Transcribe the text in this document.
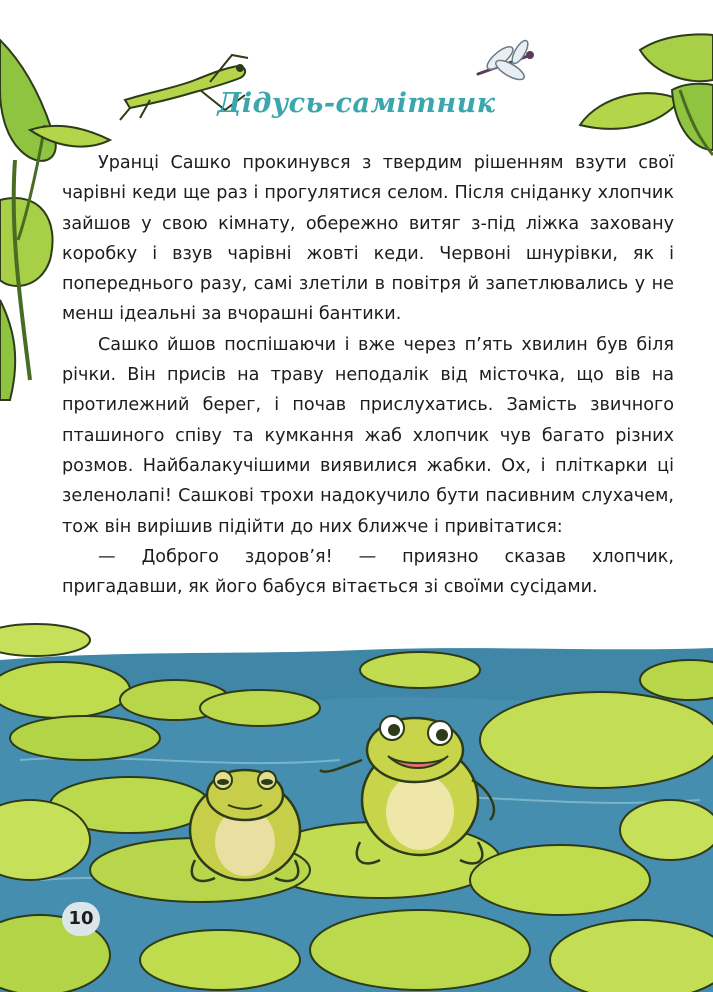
Дідусь-самітник

Уранці Сашко прокинувся з твердим рішенням взути свої чарівні кеди ще раз і прогулятися селом. Після сніданку хлопчик зайшов у свою кімнату, обережно витяг з-під ліжка заховану коробку і взув чарівні жовті кеди. Червоні шнурівки, як і попереднього разу, самі злетіли в повітря й запетлювались у не менш ідеальні за вчорашні бантики.

Сашко йшов поспішаючи і вже через п’ять хвилин був біля річки. Він присів на траву неподалік від місточка, що вів на протилежний берег, і почав прислухатись. Замість звичного пташиного співу та кумкання жаб хлопчик чув багато різних розмов. Найбалакучішими виявилися жабки. Ох, і пліткарки ці зеленолапі! Сашкові трохи надокучило бути пасивним слухачем, тож він вирішив підійти до них ближче і привітатися:

— Доброго здоров’я! — приязно сказав хлопчик, пригадавши, як його бабуся вітається зі своїми сусідами.

10
